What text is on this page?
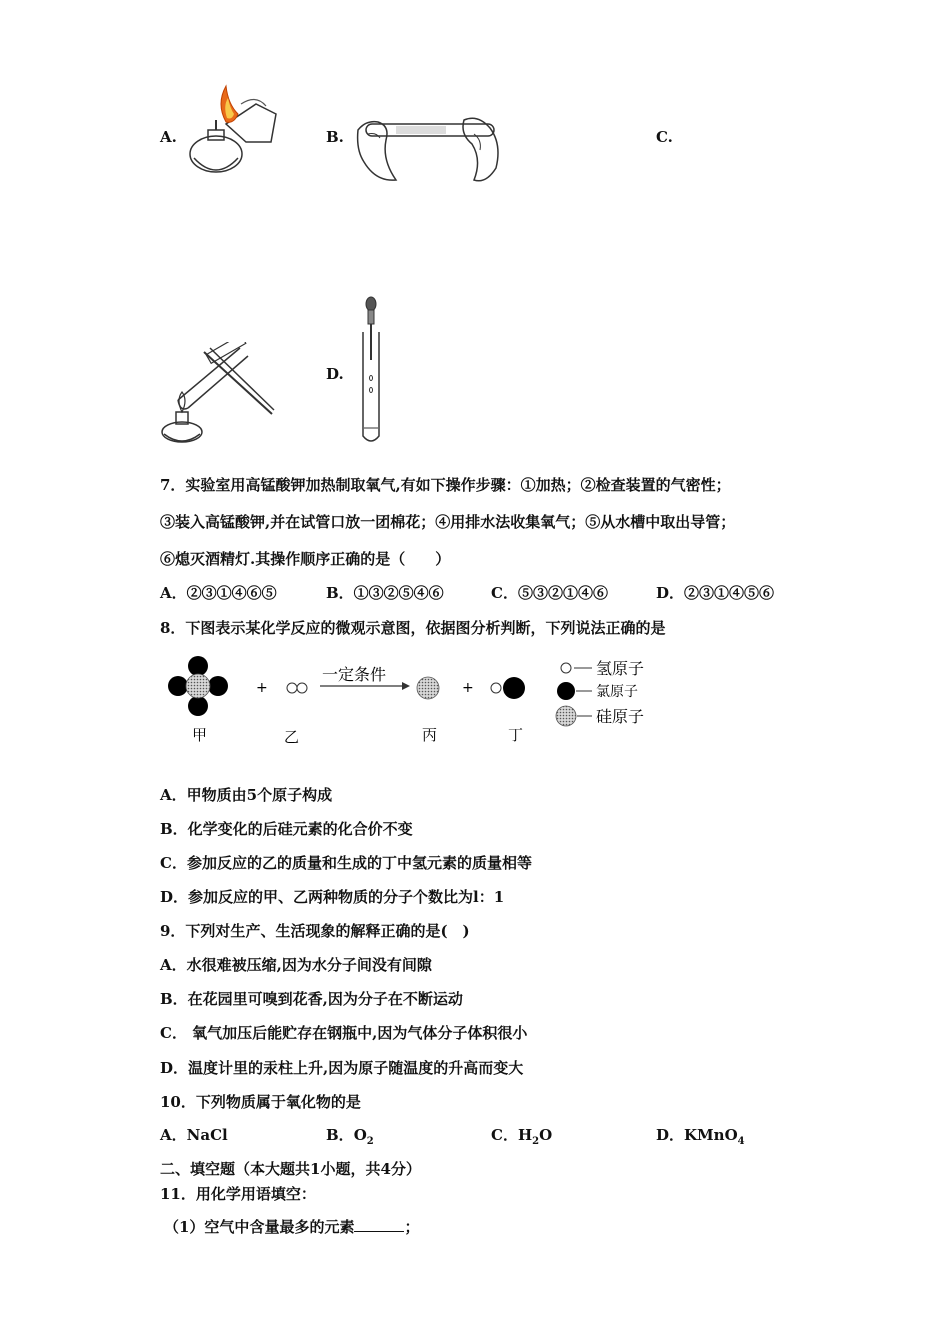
A.	B.	C.
D.
7．实验室用高锰酸钾加热制取氧气,有如下操作步骤：①加热；②检查装置的气密性；
③装入高锰酸钾,并在试管口放一团棉花；④用排水法收集氧气；⑤从水槽中取出导管；
⑥熄灭酒精灯.其操作顺序正确的是（　　）
A．②③①④⑥⑤	B．①③②⑤④⑥	C．⑤③②①④⑥	D．②③①④⑤⑥
8．下图表示某化学反应的微观示意图，依据图分析判断，下列说法正确的是
+
一定条件
+
甲	乙	丙	丁
氢原子
氯原子
硅原子
A．甲物质由5个原子构成
B．化学变化的后硅元素的化合价不变
C．参加反应的乙的质量和生成的丁中氢元素的质量相等
D．参加反应的甲、乙两种物质的分子个数比为l：1
9．下列对生产、生活现象的解释正确的是(　)
A．水很难被压缩,因为水分子间没有间隙
B．在花园里可嗅到花香,因为分子在不断运动
C． 氧气加压后能贮存在钢瓶中,因为气体分子体积很小
D．温度计里的汞柱上升,因为原子随温度的升高而变大
10．下列物质属于氧化物的是
A．NaCl	B．$O_2$	C．$H_2O$	D．KMnO$_4$
二、填空题（本大题共1小题，共4分）
11．用化学用语填空：
（1）空气中含量最多的元素	；
